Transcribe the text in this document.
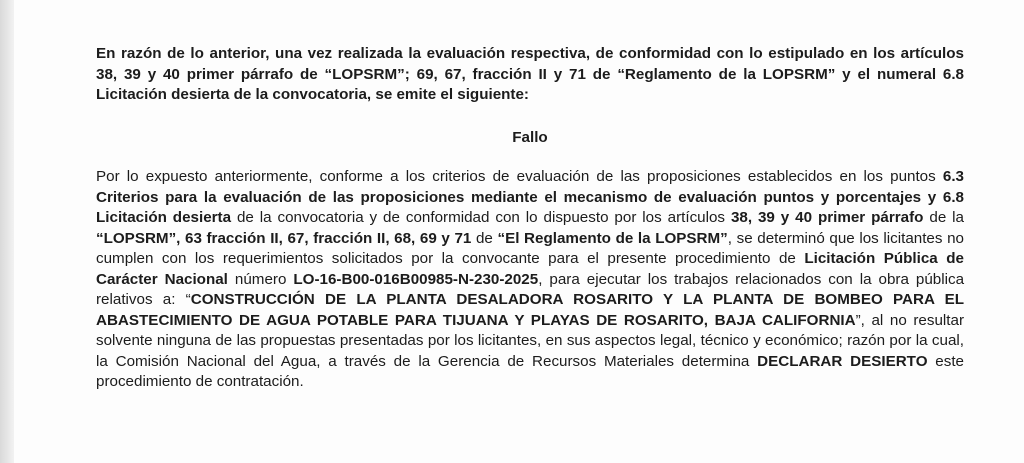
En razón de lo anterior, una vez realizada la evaluación respectiva, de conformidad con lo estipulado en los artículos 38, 39 y 40 primer párrafo de “LOPSRM”; 69, 67, fracción II y 71 de “Reglamento de la LOPSRM” y el numeral 6.8 Licitación desierta de la convocatoria, se emite el siguiente:

Fallo

Por lo expuesto anteriormente, conforme a los criterios de evaluación de las proposiciones establecidos en los puntos 6.3 Criterios para la evaluación de las proposiciones mediante el mecanismo de evaluación puntos y porcentajes y 6.8 Licitación desierta de la convocatoria y de conformidad con lo dispuesto por los artículos 38, 39 y 40 primer párrafo de la “LOPSRM”, 63 fracción II, 67, fracción II, 68, 69 y 71 de “El Reglamento de la LOPSRM”, se determinó que los licitantes no cumplen con los requerimientos solicitados por la convocante para el presente procedimiento de Licitación Pública de Carácter Nacional número LO-16-B00-016B00985-N-230-2025, para ejecutar los trabajos relacionados con la obra pública relativos a: “CONSTRUCCIÓN DE LA PLANTA DESALADORA ROSARITO Y LA PLANTA DE BOMBEO PARA EL ABASTECIMIENTO DE AGUA POTABLE PARA TIJUANA Y PLAYAS DE ROSARITO, BAJA CALIFORNIA”, al no resultar solvente ninguna de las propuestas presentadas por los licitantes, en sus aspectos legal, técnico y económico; razón por la cual, la Comisión Nacional del Agua, a través de la Gerencia de Recursos Materiales determina DECLARAR DESIERTO este procedimiento de contratación.
